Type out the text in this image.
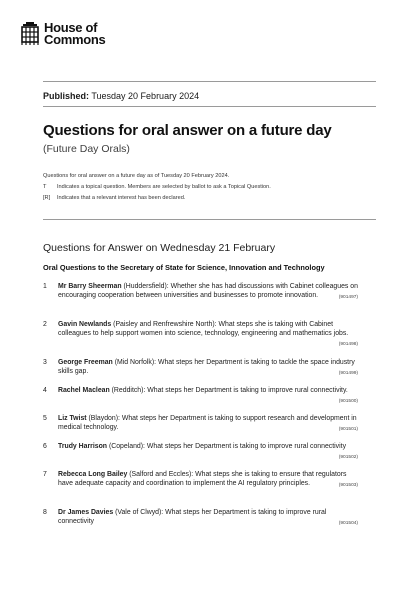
House of
Commons
Published: Tuesday 20 February 2024
Questions for oral answer on a future day
(Future Day Orals)
Questions for oral answer on a future day as of Tuesday 20 February 2024.
T Indicates a topical question. Members are selected by ballot to ask a Topical Question.
[R] Indicates that a relevant interest has been declared.
Questions for Answer on Wednesday 21 February
Oral Questions to the Secretary of State for Science, Innovation and Technology
1 Mr Barry Sheerman (Huddersfield): Whether she has had discussions with Cabinet colleagues on encouraging cooperation between universities and businesses to promote innovation.	(901497)
2 Gavin Newlands (Paisley and Renfrewshire North): What steps she is taking with Cabinet colleagues to help support women into science, technology, engineering and mathematics jobs.
(901498)
3 George Freeman (Mid Norfolk): What steps her Department is taking to tackle the space industry skills gap.	(901499)
4 Rachel Maclean (Redditch): What steps her Department is taking to improve rural connectivity.
(901500)
5 Liz Twist (Blaydon): What steps her Department is taking to support research and development in medical technology.	(901501)
6 Trudy Harrison (Copeland): What steps her Department is taking to improve rural connectivity
(901502)
7 Rebecca Long Bailey (Salford and Eccles): What steps she is taking to ensure that regulators have adequate capacity and coordination to implement the AI regulatory principles.	(901503)
8 Dr James Davies (Vale of Clwyd): What steps her Department is taking to improve rural connectivity	(901504)
